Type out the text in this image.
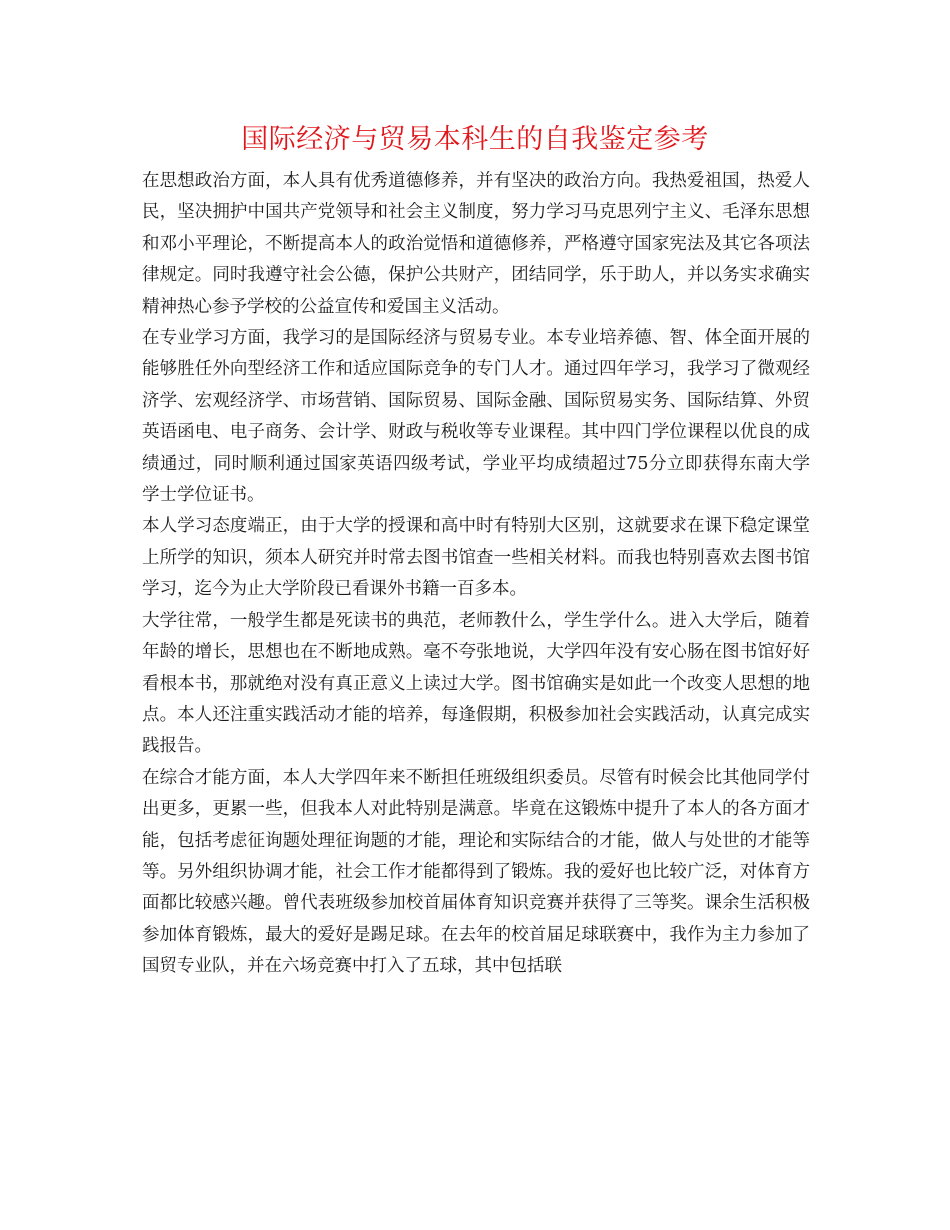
国际经济与贸易本科生的自我鉴定参考

在思想政治方面，本人具有优秀道德修养，并有坚决的政治方向。我热爱祖国，热爱人民，坚决拥护中国共产党领导和社会主义制度，努力学习马克思列宁主义、毛泽东思想和邓小平理论，不断提高本人的政治觉悟和道德修养，严格遵守国家宪法及其它各项法律规定。同时我遵守社会公德，保护公共财产，团结同学，乐于助人，并以务实求确实精神热心参予学校的公益宣传和爱国主义活动。

在专业学习方面，我学习的是国际经济与贸易专业。本专业培养德、智、体全面开展的能够胜任外向型经济工作和适应国际竞争的专门人才。通过四年学习，我学习了微观经济学、宏观经济学、市场营销、国际贸易、国际金融、国际贸易实务、国际结算、外贸英语函电、电子商务、会计学、财政与税收等专业课程。其中四门学位课程以优良的成绩通过，同时顺利通过国家英语四级考试，学业平均成绩超过75分立即获得东南大学学士学位证书。

本人学习态度端正，由于大学的授课和高中时有特别大区别，这就要求在课下稳定课堂上所学的知识，须本人研究并时常去图书馆查一些相关材料。而我也特别喜欢去图书馆学习，迄今为止大学阶段已看课外书籍一百多本。

大学往常，一般学生都是死读书的典范，老师教什么，学生学什么。进入大学后，随着年龄的增长，思想也在不断地成熟。毫不夸张地说，大学四年没有安心肠在图书馆好好看根本书，那就绝对没有真正意义上读过大学。图书馆确实是如此一个改变人思想的地点。本人还注重实践活动才能的培养，每逢假期，积极参加社会实践活动，认真完成实践报告。

在综合才能方面，本人大学四年来不断担任班级组织委员。尽管有时候会比其他同学付出更多，更累一些，但我本人对此特别是满意。毕竟在这锻炼中提升了本人的各方面才能，包括考虑征询题处理征询题的才能，理论和实际结合的才能，做人与处世的才能等等。另外组织协调才能，社会工作才能都得到了锻炼。我的爱好也比较广泛，对体育方面都比较感兴趣。曾代表班级参加校首届体育知识竞赛并获得了三等奖。课余生活积极参加体育锻炼，最大的爱好是踢足球。在去年的校首届足球联赛中，我作为主力参加了国贸专业队，并在六场竞赛中打入了五球，其中包括联
